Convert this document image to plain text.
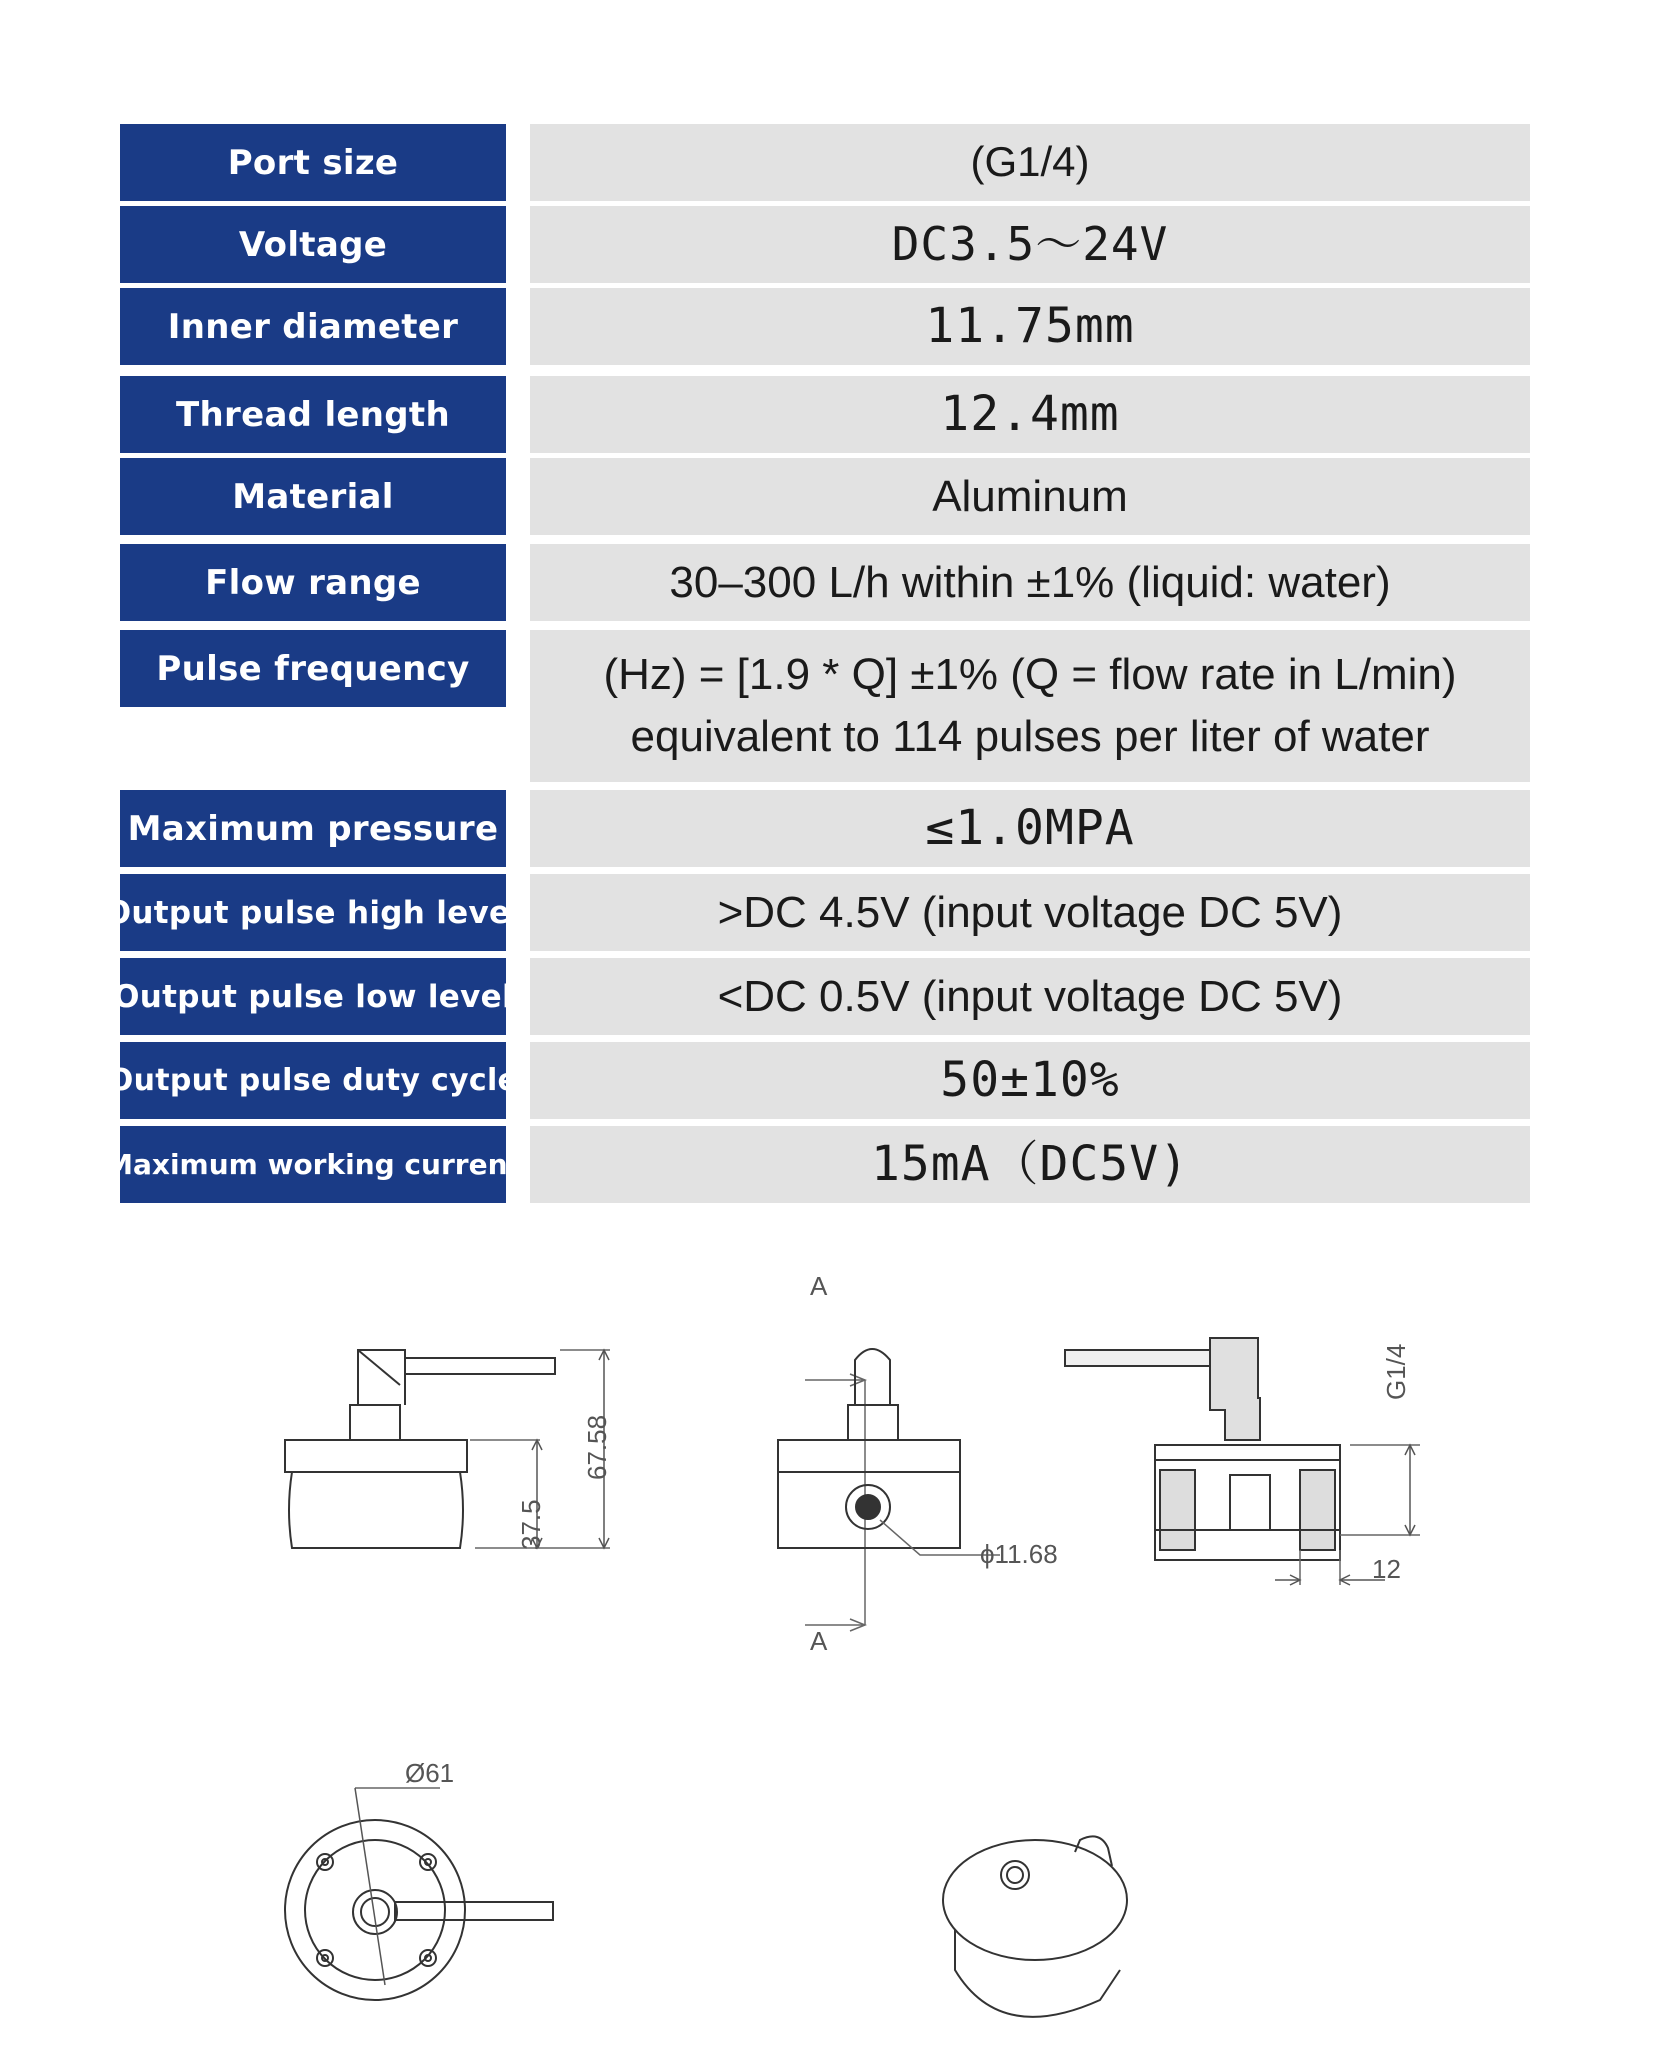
Port size	(G1/4)
Voltage	DC3.5～24V
Inner diameter	11.75mm
Thread length	12.4mm
Material	Aluminum
Flow range	30–300 L/h within ±1% (liquid: water)
Pulse frequency	(Hz) = [1.9 * Q] ±1% (Q = flow rate in L/min)
equivalent to 114 pulses per liter of water
Maximum pressure	≤1.0MPA
Output pulse high level	>DC 4.5V (input voltage DC 5V)
Output pulse low level	<DC 0.5V (input voltage DC 5V)
Output pulse duty cycle	50±10%
Maximum working current	15mA（DC5V)
A
A
37.5
67.58
ϕ11.68
G1/4
12
Ø61
